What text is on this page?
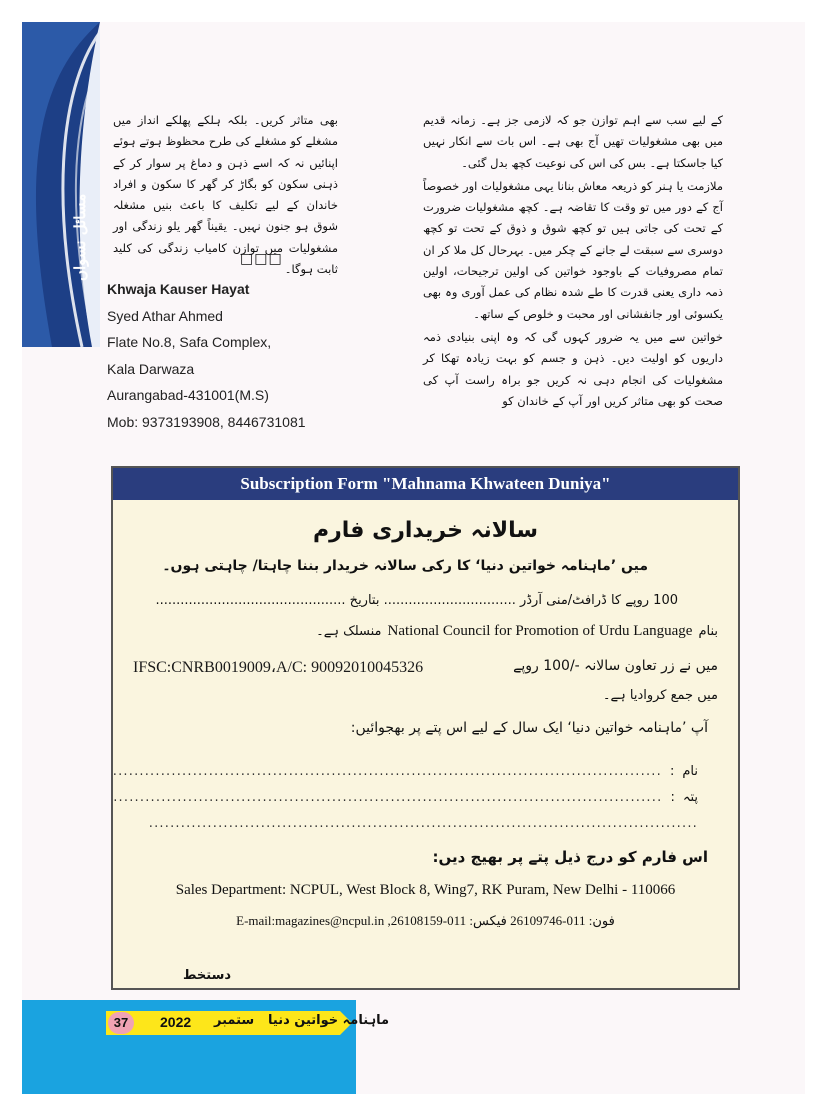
مسائل نسواں

کے لیے سب سے اہم توازن جو کہ لازمی جز ہے۔ زمانہ قدیم میں بھی مشغولیات تھیں آج بھی ہے۔ اس بات سے انکار نہیں کیا جاسکتا ہے۔ بس کی اس کی نوعیت کچھ بدل گئی۔

ملازمت یا ہنر کو ذریعہ معاش بنانا یہی مشغولیات اور خصوصاً آج کے دور میں تو وقت کا تقاضہ ہے۔ کچھ مشغولیات ضرورت کے تحت کی جاتی ہیں تو کچھ شوق و ذوق کے تحت تو کچھ دوسری سے سبقت لے جانے کے چکر میں۔ بہرحال کل ملا کر ان تمام مصروفیات کے باوجود خواتین کی اولین ترجیحات، اولین ذمہ داری یعنی قدرت کا طے شدہ نظام کی عمل آوری وہ بھی یکسوئی اور جانفشانی اور محبت و خلوص کے ساتھ۔

خواتین سے میں یہ ضرور کہوں گی کہ وہ اپنی بنیادی ذمہ داریوں کو اولیت دیں۔ ذہن و جسم کو بہت زیادہ تھکا کر مشغولیات کی انجام دہی نہ کریں جو براہ راست آپ کی صحت کو بھی متاثر کریں اور آپ کے خاندان کو

بھی متاثر کریں۔ بلکہ ہلکے پھلکے انداز میں مشغلے کو مشغلے کی طرح محظوظ ہوتے ہوئے اپنائیں نہ کہ اسے ذہن و دماغ پر سوار کر کے ذہنی سکون کو بگاڑ کر گھر کا سکون و افراد خاندان کے لیے تکلیف کا باعث بنیں مشغلہ شوق ہو جنون نہیں۔ یقیناً گھر یلو زندگی اور مشغولیات میں توازن کامیاب زندگی کی کلید ثابت ہوگا۔

□□□
Khwaja Kauser Hayat
Syed Athar Ahmed
Flate No.8, Safa Complex,
Kala Darwaza
Aurangabad-431001(M.S)
Mob: 9373193908, 8446731081
Subscription Form "Mahnama Khwateen Duniya"
سالانہ خریداری فارم
میں ’ماہنامہ خواتین دنیا‘ کا رکی سالانہ خریدار بننا چاہتا/ چاہتی ہوں۔
100 روپے کا ڈرافٹ/منی آرڈر ................................ بتاریخ ..............................................
بنام
National Council for Promotion of Urdu Language
منسلک ہے۔
میں نے زر تعاون سالانہ -/100 روپے
IFSC:CNRB0019009،A/C: 90092010045326
میں جمع کروادیا ہے۔
آپ ’ماہنامہ خواتین دنیا‘ ایک سال کے لیے اس پتے پر بھجوائیں:
نام
:
.......................................................................................................
پتہ
:
.......................................................................................................
.......................................................................................................
اس فارم کو درج ذیل پتے پر بھیج دیں:
Sales Department: NCPUL, West Block 8, Wing7, RK Puram, New Delhi - 110066
فون: 011-26109746 فیکس: 011-26108159, E-mail:magazines@ncpul.in
دستخط
37	2022 ستمبر ماہنامہ خواتین دنیا
